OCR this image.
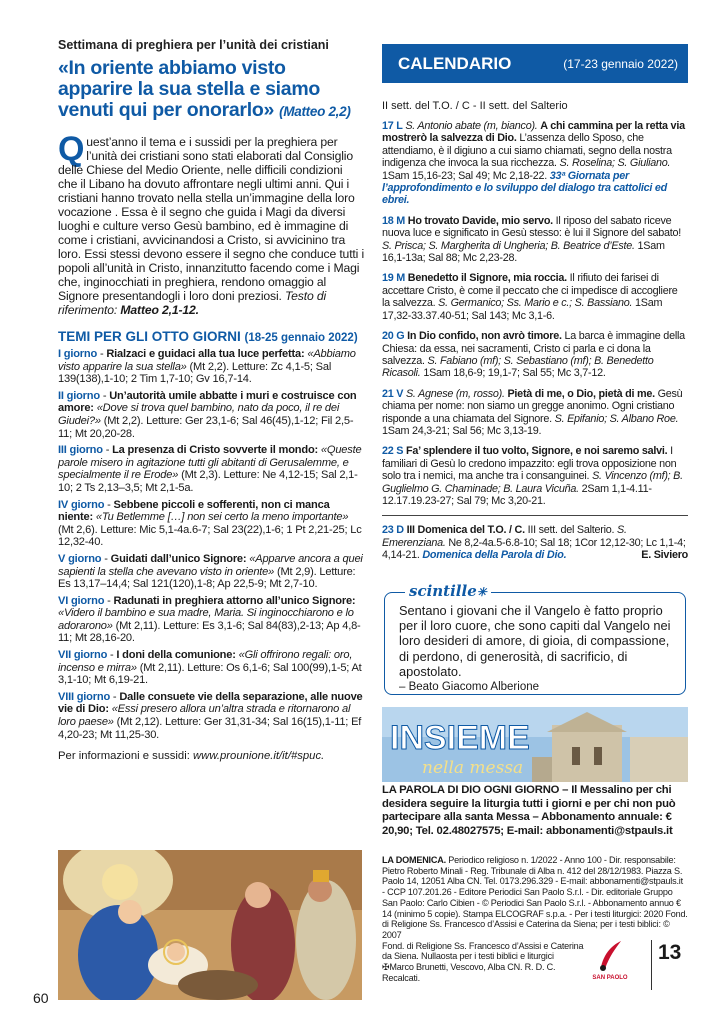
Settimana di preghiera per l’unità dei cristiani
«In oriente abbiamo visto apparire la sua stella e siamo venuti qui per onorarlo» (Matteo 2,2)
Q uest’anno il tema e i sussidi per la preghiera per l’unità dei cristiani sono stati elaborati dal Consiglio delle Chiese del Medio Oriente, nelle difficili condizioni che il Libano ha dovuto affrontare negli ultimi anni. Qui i cristiani hanno trovato nella stella un’immagine della loro vocazione . Essa è il segno che guida i Magi da diversi luoghi e culture verso Gesù bambino, ed è immagine di come i cristiani, avvicinandosi a Cristo, si avvicinino tra loro. Essi stessi devono essere il segno che conduce tutti i popoli all’unità in Cristo, innanzitutto facendo come i Magi che, inginocchiati in preghiera, rendono omaggio al Signore presentandogli i loro doni preziosi. Testo di riferimento: Matteo 2,1-12.
TEMI PER GLI OTTO GIORNI (18-25 gennaio 2022)
I giorno - Rialzaci e guidaci alla tua luce perfetta: «Abbiamo visto apparire la sua stella» (Mt 2,2). Letture: Zc 4,1-5; Sal 139(138),1-10; 2 Tim 1,7-10; Gv 16,7-14.
II giorno - Un’autorità umile abbatte i muri e costruisce con amore: «Dove si trova quel bambino, nato da poco, il re dei Giudei?» (Mt 2,2). Letture: Ger 23,1-6; Sal 46(45),1-12; Fil 2,5-11; Mt 20,20-28.
III giorno - La presenza di Cristo sovverte il mondo: «Queste parole misero in agitazione tutti gli abitanti di Gerusalemme, e specialmente il re Erode» (Mt 2,3). Letture: Ne 4,12-15; Sal 2,1-10; 2 Ts 2,13–3,5; Mt 2,1-5a.
IV giorno - Sebbene piccoli e sofferenti, non ci manca niente: «Tu Betlemme […] non sei certo la meno importante» (Mt 2,6). Letture: Mic 5,1-4a.6-7; Sal 23(22),1-6; 1 Pt 2,21-25; Lc 12,32-40.
V giorno - Guidati dall’unico Signore: «Apparve ancora a quei sapienti la stella che avevano visto in oriente» (Mt 2,9). Letture: Es 13,17–14,4; Sal 121(120),1-8; Ap 22,5-9; Mt 2,7-10.
VI giorno - Radunati in preghiera attorno all’unico Signore: «Videro il bambino e sua madre, Maria. Si inginocchiarono e lo adorarono» (Mt 2,11). Letture: Es 3,1-6; Sal 84(83),2-13; Ap 4,8-11; Mt 28,16-20.
VII giorno - I doni della comunione: «Gli offrirono regali: oro, incenso e mirra» (Mt 2,11). Letture: Os 6,1-6; Sal 100(99),1-5; At 3,1-10; Mt 6,19-21.
VIII giorno - Dalle consuete vie della separazione, alle nuove vie di Dio: «Essi presero allora un’altra strada e ritornarono al loro paese» (Mt 2,12). Letture: Ger 31,31-34; Sal 16(15),1-11; Ef 4,20-23; Mt 11,25-30.
Per informazioni e sussidi: www.prounione.it/it/#spuc.
60
CALENDARIO	(17-23 gennaio 2022)
II sett. del T.O. / C - II sett. del Salterio
17 L S. Antonio abate (m, bianco). A chi cammina per la retta via mostrerò la salvezza di Dio. L’assenza dello Sposo, che attendiamo, è il digiuno a cui siamo chiamati, segno della nostra indigenza che invoca la sua ricchezza. S. Roselina; S. Giuliano. 1Sam 15,16-23; Sal 49; Mc 2,18-22. 33ª Giornata per l’approfondimento e lo sviluppo del dialogo tra cattolici ed ebrei.
18 M Ho trovato Davide, mio servo. Il riposo del sabato riceve nuova luce e significato in Gesù stesso: è lui il Signore del sabato! S. Prisca; S. Margherita di Ungheria; B. Beatrice d’Este. 1Sam 16,1-13a; Sal 88; Mc 2,23-28.
19 M Benedetto il Signore, mia roccia. Il rifiuto dei farisei di accettare Cristo, è come il peccato che ci impedisce di accogliere la salvezza. S. Germanico; Ss. Mario e c.; S. Bassiano. 1Sam 17,32-33.37.40-51; Sal 143; Mc 3,1-6.
20 G In Dio confido, non avrò timore. La barca è immagine della Chiesa: da essa, nei sacramenti, Cristo ci parla e ci dona la salvezza. S. Fabiano (mf); S. Sebastiano (mf); B. Benedetto Ricasoli. 1Sam 18,6-9; 19,1-7; Sal 55; Mc 3,7-12.
21 V S. Agnese (m, rosso). Pietà di me, o Dio, pietà di me. Gesù chiama per nome: non siamo un gregge anonimo. Ogni cristiano risponde a una chiamata del Signore. S. Epifanio; S. Albano Roe. 1Sam 24,3-21; Sal 56; Mc 3,13-19.
22 S Fa’ splendere il tuo volto, Signore, e noi saremo salvi. I familiari di Gesù lo credono impazzito: egli trova opposizione non solo tra i nemici, ma anche tra i consanguinei. S. Vincenzo (mf); B. Guglielmo G. Chaminade; B. Laura Vicuña. 2Sam 1,1-4.11-12.17.19.23-27; Sal 79; Mc 3,20-21.
23 D III Domenica del T.O. / C. III sett. del Salterio. S. Emerenziana. Ne 8,2-4a.5-6.8-10; Sal 18; 1Cor 12,12-30; Lc 1,1-4; 4,14-21. Domenica della Parola di Dio.	E. Siviero
scintille✳
Sentano i giovani che il Vangelo è fatto proprio per il loro cuore, che sono capiti dal Vangelo nei loro desideri di amore, di gioia, di compassione, di perdono, di generosità, di sacrificio, di apostolato.
– Beato Giacomo Alberione
INSIEME
nella messa
LA PAROLA DI DIO OGNI GIORNO – Il Messalino per chi desidera seguire la liturgia tutti i giorni e per chi non può partecipare alla santa Messa – Abbonamento annuale: € 20,90; Tel. 02.48027575; E-mail: abbonamenti@stpauls.it
LA DOMENICA. Periodico religioso n. 1/2022 - Anno 100 - Dir. responsabile: Pietro Roberto Minali - Reg. Tribunale di Alba n. 412 del 28/12/1983. Piazza S. Paolo 14, 12051 Alba CN. Tel. 0173.296.329 - E-mail: abbonamenti@stpauls.it - CCP 107.201.26 - Editore Periodici San Paolo S.r.l. - Dir. editoriale Gruppo San Paolo: Carlo Cibien - © Periodici San Paolo S.r.l. - Abbonamento annuo € 14 (minimo 5 copie). Stampa ELCOGRAF s.p.a. - Per i testi liturgici: 2020 Fond. di Religione Ss. Francesco d’Assisi e Caterina da Siena; per i testi biblici: © 2007
Fond. di Religione Ss. Francesco d’Assisi e Caterina da Siena. Nullaosta per i testi biblici e liturgici ✠Marco Brunetti, Vescovo, Alba CN. R. D. C. Recalcati.	SAN PAOLO
13
